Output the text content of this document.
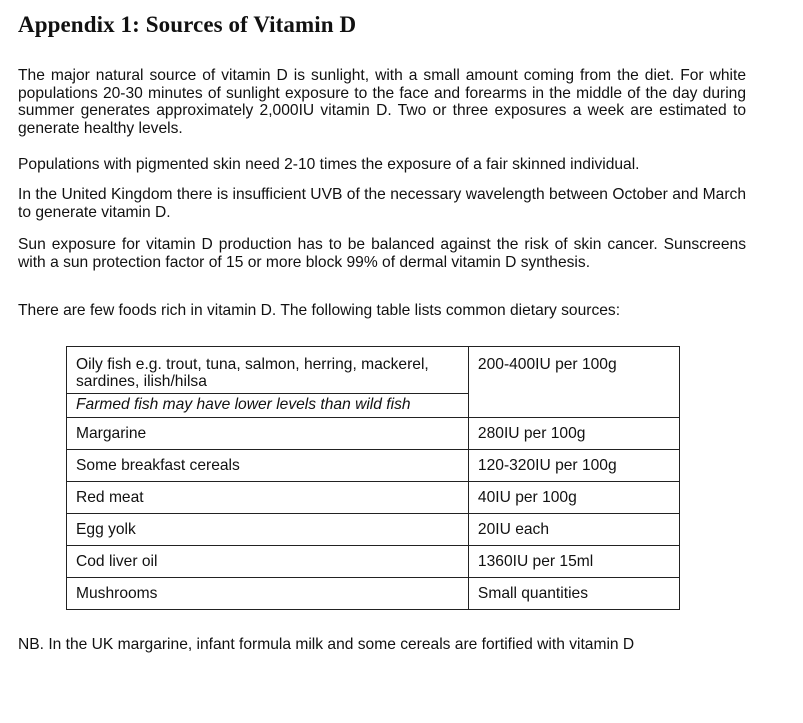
Appendix 1: Sources of Vitamin D

The major natural source of vitamin D is sunlight, with a small amount coming from the diet. For white populations 20-30 minutes of sunlight exposure to the face and forearms in the middle of the day during summer generates approximately 2,000IU vitamin D. Two or three exposures a week are estimated to generate healthy levels.

Populations with pigmented skin need 2-10 times the exposure of a fair skinned individual.

In the United Kingdom there is insufficient UVB of the necessary wavelength between October and March to generate vitamin D.

Sun exposure for vitamin D production has to be balanced against the risk of skin cancer. Sunscreens with a sun protection factor of 15 or more block 99% of dermal vitamin D synthesis.

There are few foods rich in vitamin D. The following table lists common dietary sources:

Oily fish e.g. trout, tuna, salmon, herring, mackerel, sardines, ilish/hilsa	200-400IU per 100g
Farmed fish may have lower levels than wild fish	
Margarine	280IU per 100g
Some breakfast cereals	120-320IU per 100g
Red meat	40IU per 100g
Egg yolk	20IU each
Cod liver oil	1360IU per 15ml
Mushrooms	Small quantities

NB. In the UK margarine, infant formula milk and some cereals are fortified with vitamin D
